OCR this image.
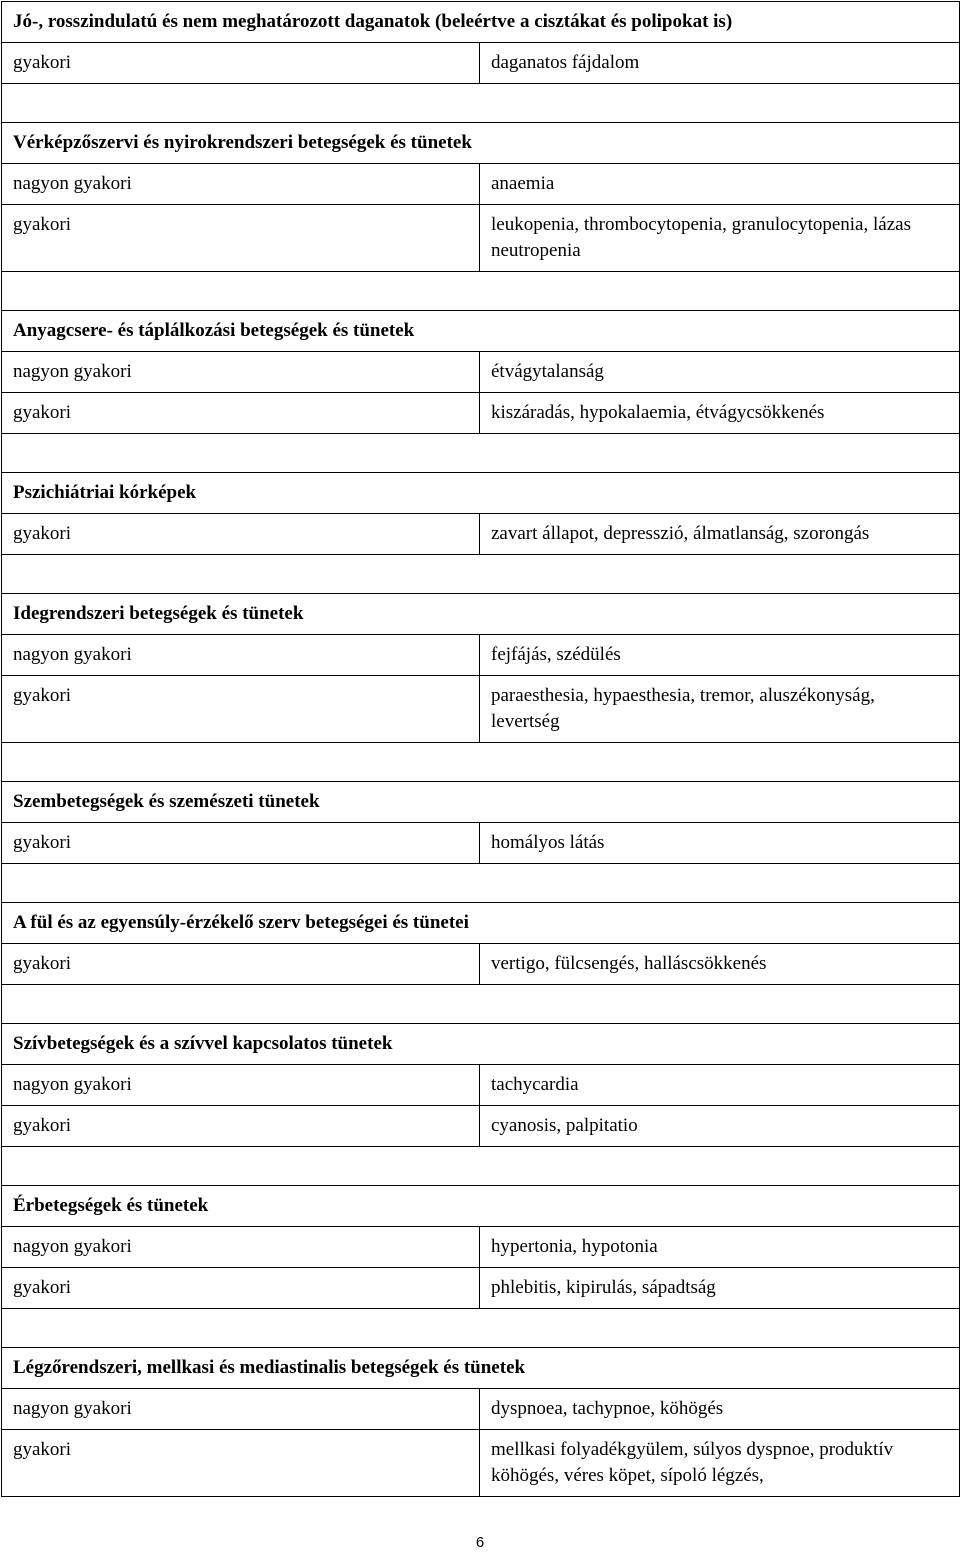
Jó-, rosszindulatú és nem meghatározott daganatok (beleértve a cisztákat és polipokat is)	
gyakori	daganatos fájdalom

Vérképzőszervi és nyirokrendszeri betegségek és tünetek	
nagyon gyakori	anaemia
gyakori	leukopenia, thrombocytopenia, granulocytopenia, lázas neutropenia

Anyagcsere- és táplálkozási betegségek és tünetek	
nagyon gyakori	étvágytalanság
gyakori	kiszáradás, hypokalaemia, étvágycsökkenés

Pszichiátriai kórképek	
gyakori	zavart állapot, depresszió, álmatlanság, szorongás

Idegrendszeri betegségek és tünetek	
nagyon gyakori	fejfájás, szédülés
gyakori	paraesthesia, hypaesthesia, tremor, aluszékonyság, levertség

Szembetegségek és szemészeti tünetek	
gyakori	homályos látás

A fül és az egyensúly-érzékelő szerv betegségei és tünetei	
gyakori	vertigo, fülcsengés, halláscsökkenés

Szívbetegségek és a szívvel kapcsolatos tünetek	
nagyon gyakori	tachycardia
gyakori	cyanosis, palpitatio

Érbetegségek és tünetek	
nagyon gyakori	hypertonia, hypotonia
gyakori	phlebitis, kipirulás, sápadtság

Légzőrendszeri, mellkasi és mediastinalis betegségek és tünetek	
nagyon gyakori	dyspnoea, tachypnoe, köhögés
gyakori	mellkasi folyadékgyülem, súlyos dyspnoe, produktív köhögés, véres köpet, sípoló légzés,
6
